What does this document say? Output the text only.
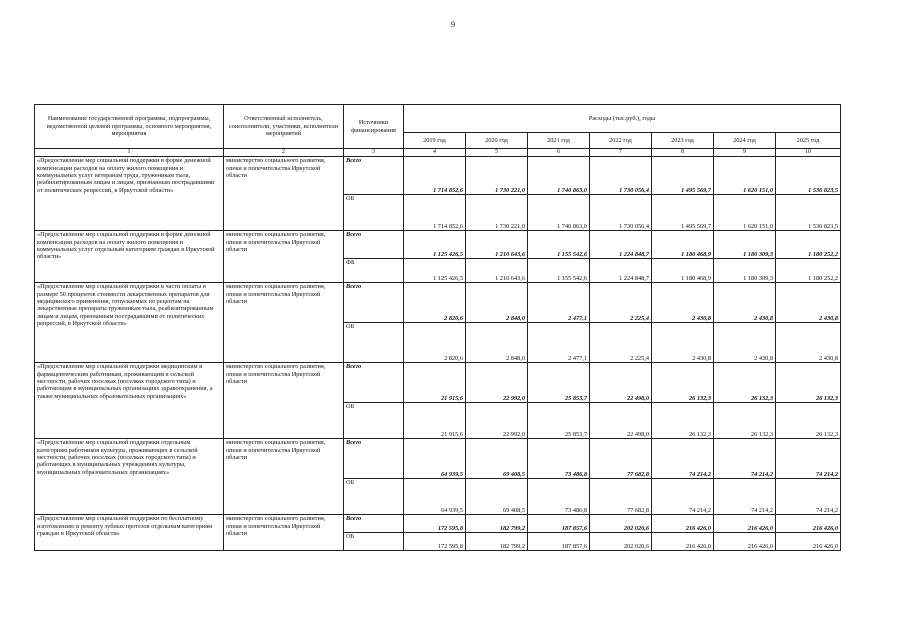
9
Наименование государственной программы, подпрограммы, ведомственной целевой программы, основного мероприятия, мероприятия	Ответственный исполнитель, соисполнители, участники, исполнители мероприятий	Источники финансирования	Расходы (тыс.руб.), годы						
			2019 год	2020 год	2021 год	2022 год	2023 год	2024 год	2025 год
1	2	3	4	5	6	7	8	9	10
«Предоставление мер социальной поддержки в форме денежной компенсации расходов на оплату жилого помещения и коммунальных услуг ветеранам труда, труженикам тыла, реабилитированным лицам и лицам, признанным пострадавшими от политических репрессий, в Иркутской области»	министерство социального развития, опеки и попечительства Иркутской области	Всего	1 714 852,6	1 730 221,0	1 740 863,0	1 730 056,4	1 495 569,7	1 620 151,0	1 536 823,5
		ОБ	1 714 852,6	1 730 221,0	1 740 863,0	1 730 056,4	1 495 569,7	1 620 151,0	1 536 823,5
«Предоставление мер социальной поддержки в форме денежной компенсации расходов на оплату жилого помещения и коммунальных услуг отдельным категориям граждан в Иркутской области»	министерство социального развития, опеки и попечительства Иркутской области	Всего	1 125 426,5	1 210 643,6	1 155 542,6	1 224 848,7	1 180 468,9	1 180 309,3	1 180 252,2
		ФБ	1 125 426,5	1 210 643,6	1 155 542,6	1 224 848,7	1 180 468,9	1 180 309,3	1 180 252,2
«Предоставление мер социальной поддержки в части оплаты в размере 50 процентов стоимости лекарственных препаратов для медицинского применения, отпускаемых по рецептам на лекарственные препараты труженикам тыла, реабилитированным лицам и лицам, признанным пострадавшими от политических репрессий, в Иркутской области»	министерство социального развития, опеки и попечительства Иркутской области	Всего	2 820,6	2 848,0	2 477,1	2 225,4	2 430,8	2 430,8	2 430,8
		ОБ	2 820,6	2 848,0	2 477,1	2 225,4	2 430,8	2 430,8	2 430,8
«Предоставление мер социальной поддержки медицинским и фармацевтическим работникам, проживающим в сельской местности, рабочих поселках (поселках городского типа) и работающим в муниципальных организациях здравоохранения, а также муниципальных образовательных организациях»	министерство социального развития, опеки и попечительства Иркутской области	Всего	21 915,6	22 992,0	25 853,7	22 498,0	26 132,3	26 132,3	26 132,3
		ОБ	21 915,6	22 992,0	25 853,7	22 498,0	26 132,3	26 132,3	26 132,3
«Предоставление мер социальной поддержки отдельным категориям работников культуры, проживающих в сельской местности, рабочих поселках (поселках городского типа) и работающих в муниципальных учреждениях культуры, муниципальных образовательных организациях»	министерство социального развития, опеки и попечительства Иркутской области	Всего	64 939,5	69 408,5	73 486,8	77 682,8	74 214,2	74 214,2	74 214,2
		ОБ	64 939,5	69 408,5	73 486,8	77 682,8	74 214,2	74 214,2	74 214,2
«Предоставление мер социальной поддержки по бесплатному изготовлению и ремонту зубных протезов отдельным категориям граждан в Иркутской области»	министерство социального развития, опеки и попечительства Иркутской области	Всего	172 595,8	182 799,2	187 857,6	202 020,6	216 426,0	216 426,0	216 426,0
		ОБ	172 595,8	182 799,2	187 857,6	202 020,6	216 426,0	216 426,0	216 426,0
